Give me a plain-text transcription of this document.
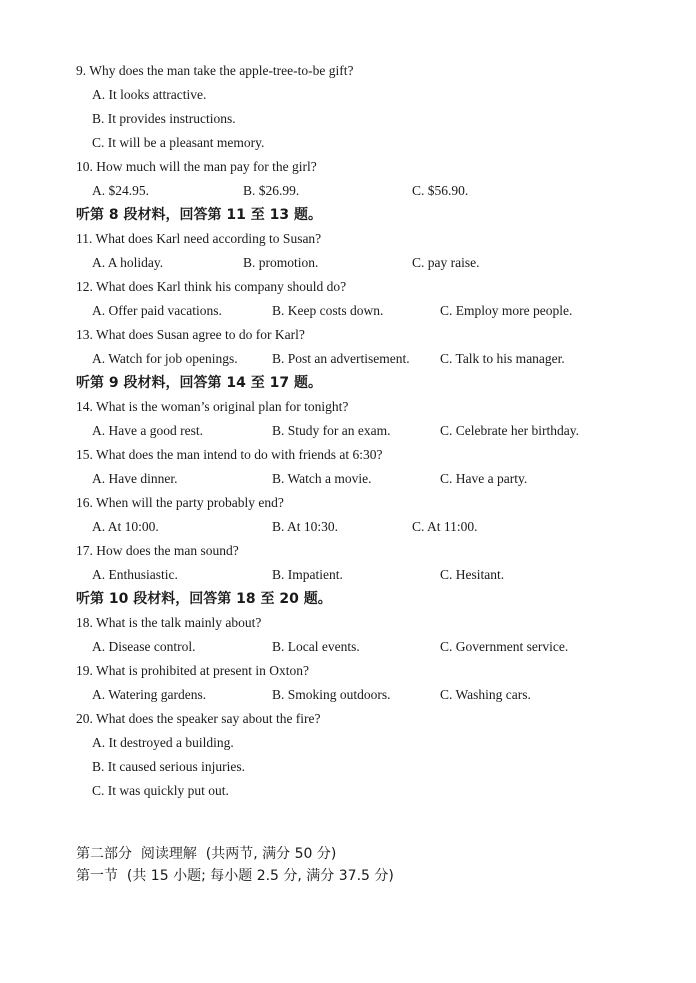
9. Why does the man take the apple-tree-to-be gift?
A. It looks attractive.
B. It provides instructions.
C. It will be a pleasant memory.
10. How much will the man pay for the girl?
A. $24.95.	B. $26.99.	C. $56.90.
听第 8 段材料，回答第 11 至 13 题。
11. What does Karl need according to Susan?
A. A holiday.	B. promotion.	C. pay raise.
12. What does Karl think his company should do?
A. Offer paid vacations.	B. Keep costs down.	C. Employ more people.
13. What does Susan agree to do for Karl?
A. Watch for job openings.	B. Post an advertisement. C. Talk to his manager.
听第 9 段材料，回答第 14 至 17 题。
14. What is the woman’s original plan for tonight?
A. Have a good rest.	B. Study for an exam.	C. Celebrate her birthday.
15. What does the man intend to do with friends at 6:30?
A. Have dinner.	B. Watch a movie.	C. Have a party.
16. When will the party probably end?
A. At 10:00.	B. At 10:30.	C. At 11:00.
17. How does the man sound?
A. Enthusiastic.	B. Impatient.	C. Hesitant.
听第 10 段材料，回答第 18 至 20 题。
18. What is the talk mainly about?
A. Disease control.	B. Local events.	C. Government service.
19. What is prohibited at present in Oxton?
A. Watering gardens.	B. Smoking outdoors.	C. Washing cars.
20. What does the speaker say about the fire?
A. It destroyed a building.
B. It caused serious injuries.
C. It was quickly put out.
第二部分  阅读理解  (共两节, 满分 50 分)
第一节  (共 15 小题; 每小题 2.5 分, 满分 37.5 分)
